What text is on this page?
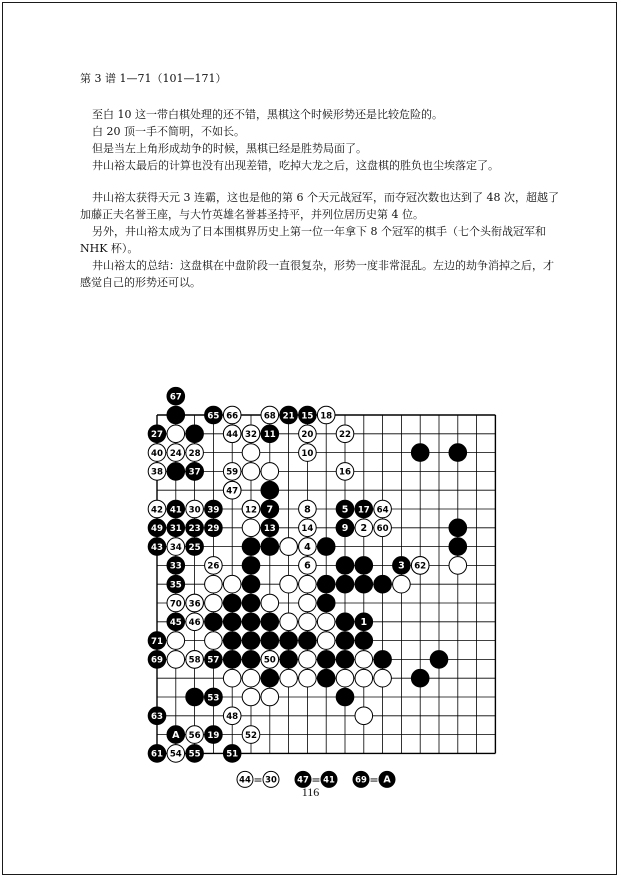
第 3 谱 1—71（101—171）

至白 10 这一带白棋处理的还不错，黑棋这个时候形势还是比较危险的。

白 20 顶一手不简明，不如长。

但是当左上角形成劫争的时候，黑棋已经是胜势局面了。

井山裕太最后的计算也没有出现差错，吃掉大龙之后，这盘棋的胜负也尘埃落定了。

井山裕太获得天元 3 连霸，这也是他的第 6 个天元战冠军，而夺冠次数也达到了 48 次，超越了加藤正夫名誉王座，与大竹英雄名誉碁圣持平，并列位居历史第 4 位。

另外，井山裕太成为了日本围棋界历史上第一位一年拿下 8 个冠军的棋手（七个头衔战冠军和 NHK 杯）。

井山裕太的总结：这盘棋在中盘阶段一直很复杂，形势一度非常混乱。左边的劫争消掉之后，才感觉自己的形势还可以。

67
65	21 15
27	11
37
41	39	7	5 17
49 31 23 29	13	9
43	25
3
33
35
45	1
71
69	57
53
63
19
61	55	51
A
66	68	18
20	22
40 24 28	10
38	16
42	30	12	8	64
14	2 60
34	4
26	6	62
70 36
46
58	50
48
56	52
54
44 32
59
47
44 = 30 47 = 41 69 = A
116
